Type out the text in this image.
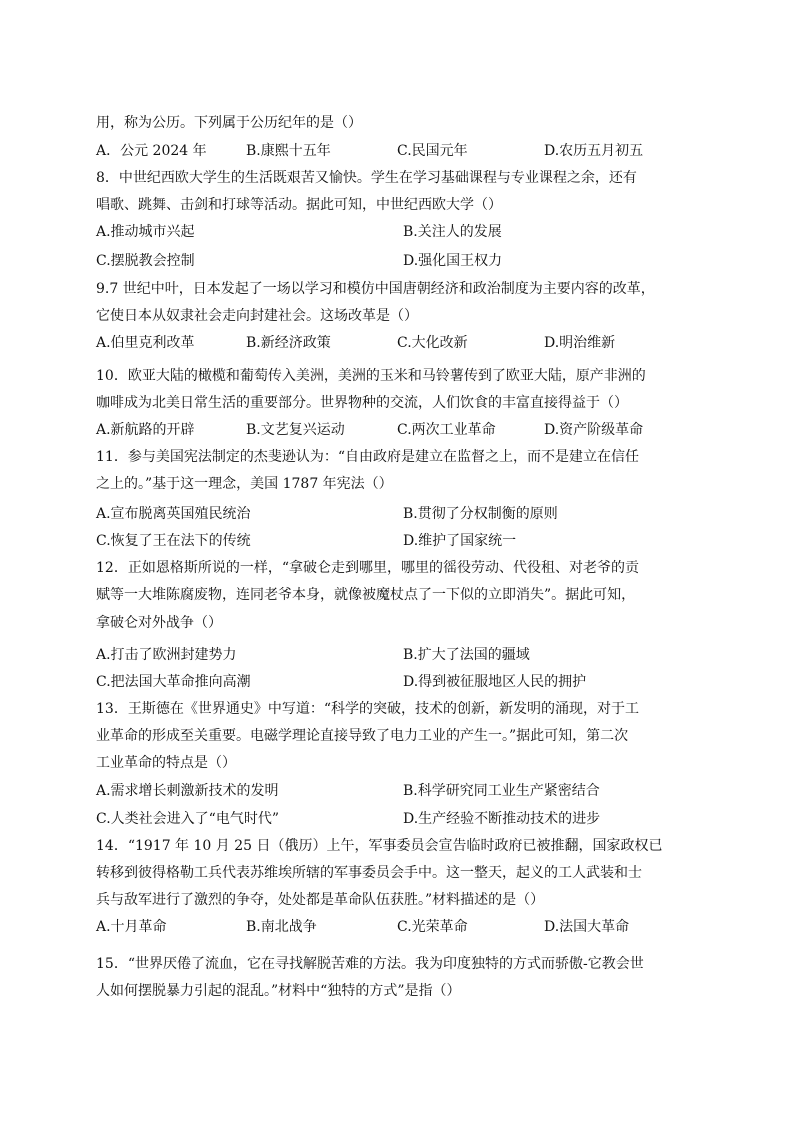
用，称为公历。下列属于公历纪年的是（）
A．公元 2024 年	B.康熙十五年	C.民国元年	D.农历五月初五
8．中世纪西欧大学生的生活既艰苦又愉快。学生在学习基础课程与专业课程之余，还有
唱歌、跳舞、击剑和打球等活动。据此可知，中世纪西欧大学（）
A.推动城市兴起	B.关注人的发展
C.摆脱教会控制	D.强化国王权力
9.7 世纪中叶，日本发起了一场以学习和模仿中国唐朝经济和政治制度为主要内容的改革，
它使日本从奴隶社会走向封建社会。这场改革是（）
A.伯里克利改革	B.新经济政策	C.大化改新	D.明治维新
10．欧亚大陆的橄榄和葡萄传入美洲，美洲的玉米和马铃薯传到了欧亚大陆，原产非洲的
咖啡成为北美日常生活的重要部分。世界物种的交流，人们饮食的丰富直接得益于（）
A.新航路的开辟	B.文艺复兴运动	C.两次工业革命	D.资产阶级革命
11．参与美国宪法制定的杰斐逊认为：“自由政府是建立在监督之上，而不是建立在信任
之上的。”基于这一理念，美国 1787 年宪法（）
A.宣布脱离英国殖民统治	B.贯彻了分权制衡的原则
C.恢复了王在法下的传统	D.维护了国家统一
12．正如恩格斯所说的一样，“拿破仑走到哪里，哪里的徭役劳动、代役租、对老爷的贡
赋等一大堆陈腐废物，连同老爷本身，就像被魔杖点了一下似的立即消失”。据此可知，
拿破仑对外战争（）
A.打击了欧洲封建势力	B.扩大了法国的疆域
C.把法国大革命推向高潮	D.得到被征服地区人民的拥护
13．王斯德在《世界通史》中写道：“科学的突破，技术的创新，新发明的涌现，对于工
业革命的形成至关重要。电磁学理论直接导致了电力工业的产生一。”据此可知，第二次
工业革命的特点是（）
A.需求增长刺激新技术的发明	B.科学研究同工业生产紧密结合
C.人类社会进入了“电气时代”	D.生产经验不断推动技术的进步
14．“1917 年 10 月 25 日（俄历）上午，军事委员会宣告临时政府已被推翻，国家政权已
转移到彼得格勒工兵代表苏维埃所辖的军事委员会手中。这一整天，起义的工人武装和士
兵与敌军进行了激烈的争夺，处处都是革命队伍获胜。”材料描述的是（）
A.十月革命	B.南北战争	C.光荣革命	D.法国大革命
15．“世界厌倦了流血，它在寻找解脱苦难的方法。我为印度独特的方式而骄傲-它教会世
人如何摆脱暴力引起的混乱。”材料中“独特的方式”是指（）
